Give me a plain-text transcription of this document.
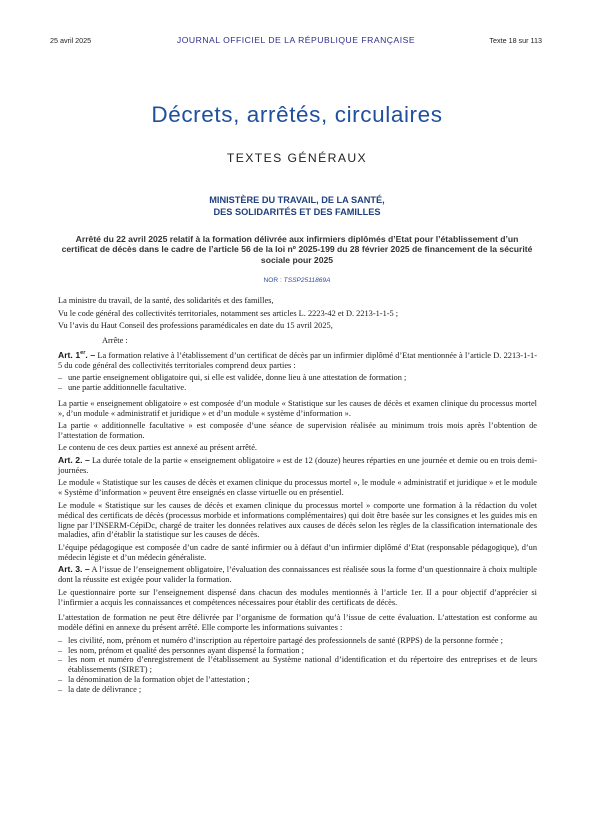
25 avril 2025	JOURNAL OFFICIEL DE LA RÉPUBLIQUE FRANÇAISE	Texte 18 sur 113
Décrets, arrêtés, circulaires
TEXTES GÉNÉRAUX
MINISTÈRE DU TRAVAIL, DE LA SANTÉ,
DES SOLIDARITÉS ET DES FAMILLES
Arrêté du 22 avril 2025 relatif à la formation délivrée aux infirmiers diplômés d’Etat pour l’établissement d’un certificat de décès dans le cadre de l’article 56 de la loi nº 2025-199 du 28 février 2025 de financement de la sécurité sociale pour 2025
NOR : TSSP2511869A

La ministre du travail, de la santé, des solidarités et des familles,

Vu le code général des collectivités territoriales, notamment ses articles L. 2223-42 et D. 2213-1-1-5 ;

Vu l’avis du Haut Conseil des professions paramédicales en date du 15 avril 2025,

Arrête :

Art. 1er. – La formation relative à l’établissement d’un certificat de décès par un infirmier diplômé d’Etat mentionnée à l’article D. 2213-1-1-5 du code général des collectivités territoriales comprend deux parties :

– une partie enseignement obligatoire qui, si elle est validée, donne lieu à une attestation de formation ;
– une partie additionnelle facultative.

La partie « enseignement obligatoire » est composée d’un module « Statistique sur les causes de décès et examen clinique du processus mortel », d’un module « administratif et juridique » et d’un module « système d’information ».

La partie « additionnelle facultative » est composée d’une séance de supervision réalisée au minimum trois mois après l’obtention de l’attestation de formation.

Le contenu de ces deux parties est annexé au présent arrêté.

Art. 2. – La durée totale de la partie « enseignement obligatoire » est de 12 (douze) heures réparties en une journée et demie ou en trois demi-journées.

Le module « Statistique sur les causes de décès et examen clinique du processus mortel », le module « administratif et juridique » et le module « Système d’information » peuvent être enseignés en classe virtuelle ou en présentiel.

Le module « Statistique sur les causes de décès et examen clinique du processus mortel » comporte une formation à la rédaction du volet médical des certificats de décès (processus morbide et informations complémentaires) qui doit être basée sur les consignes et les guides mis en ligne par l’INSERM-CépiDc, chargé de traiter les données relatives aux causes de décès selon les règles de la classification internationale des maladies, afin d’établir la statistique sur les causes de décès.

L’équipe pédagogique est composée d’un cadre de santé infirmier ou à défaut d’un infirmier diplômé d’Etat (responsable pédagogique), d’un médecin légiste et d’un médecin généraliste.

Art. 3. – A l’issue de l’enseignement obligatoire, l’évaluation des connaissances est réalisée sous la forme d’un questionnaire à choix multiple dont la réussite est exigée pour valider la formation.

Le questionnaire porte sur l’enseignement dispensé dans chacun des modules mentionnés à l’article 1er. Il a pour objectif d’apprécier si l’infirmier a acquis les connaissances et compétences nécessaires pour établir des certificats de décès.

L’attestation de formation ne peut être délivrée par l’organisme de formation qu’à l’issue de cette évaluation. L’attestation est conforme au modèle défini en annexe du présent arrêté. Elle comporte les informations suivantes :

– les civilité, nom, prénom et numéro d’inscription au répertoire partagé des professionnels de santé (RPPS) de la personne formée ;
– les nom, prénom et qualité des personnes ayant dispensé la formation ;
– les nom et numéro d’enregistrement de l’établissement au Système national d’identification et du répertoire des entreprises et de leurs établissements (SIRET) ;
– la dénomination de la formation objet de l’attestation ;
– la date de délivrance ;
